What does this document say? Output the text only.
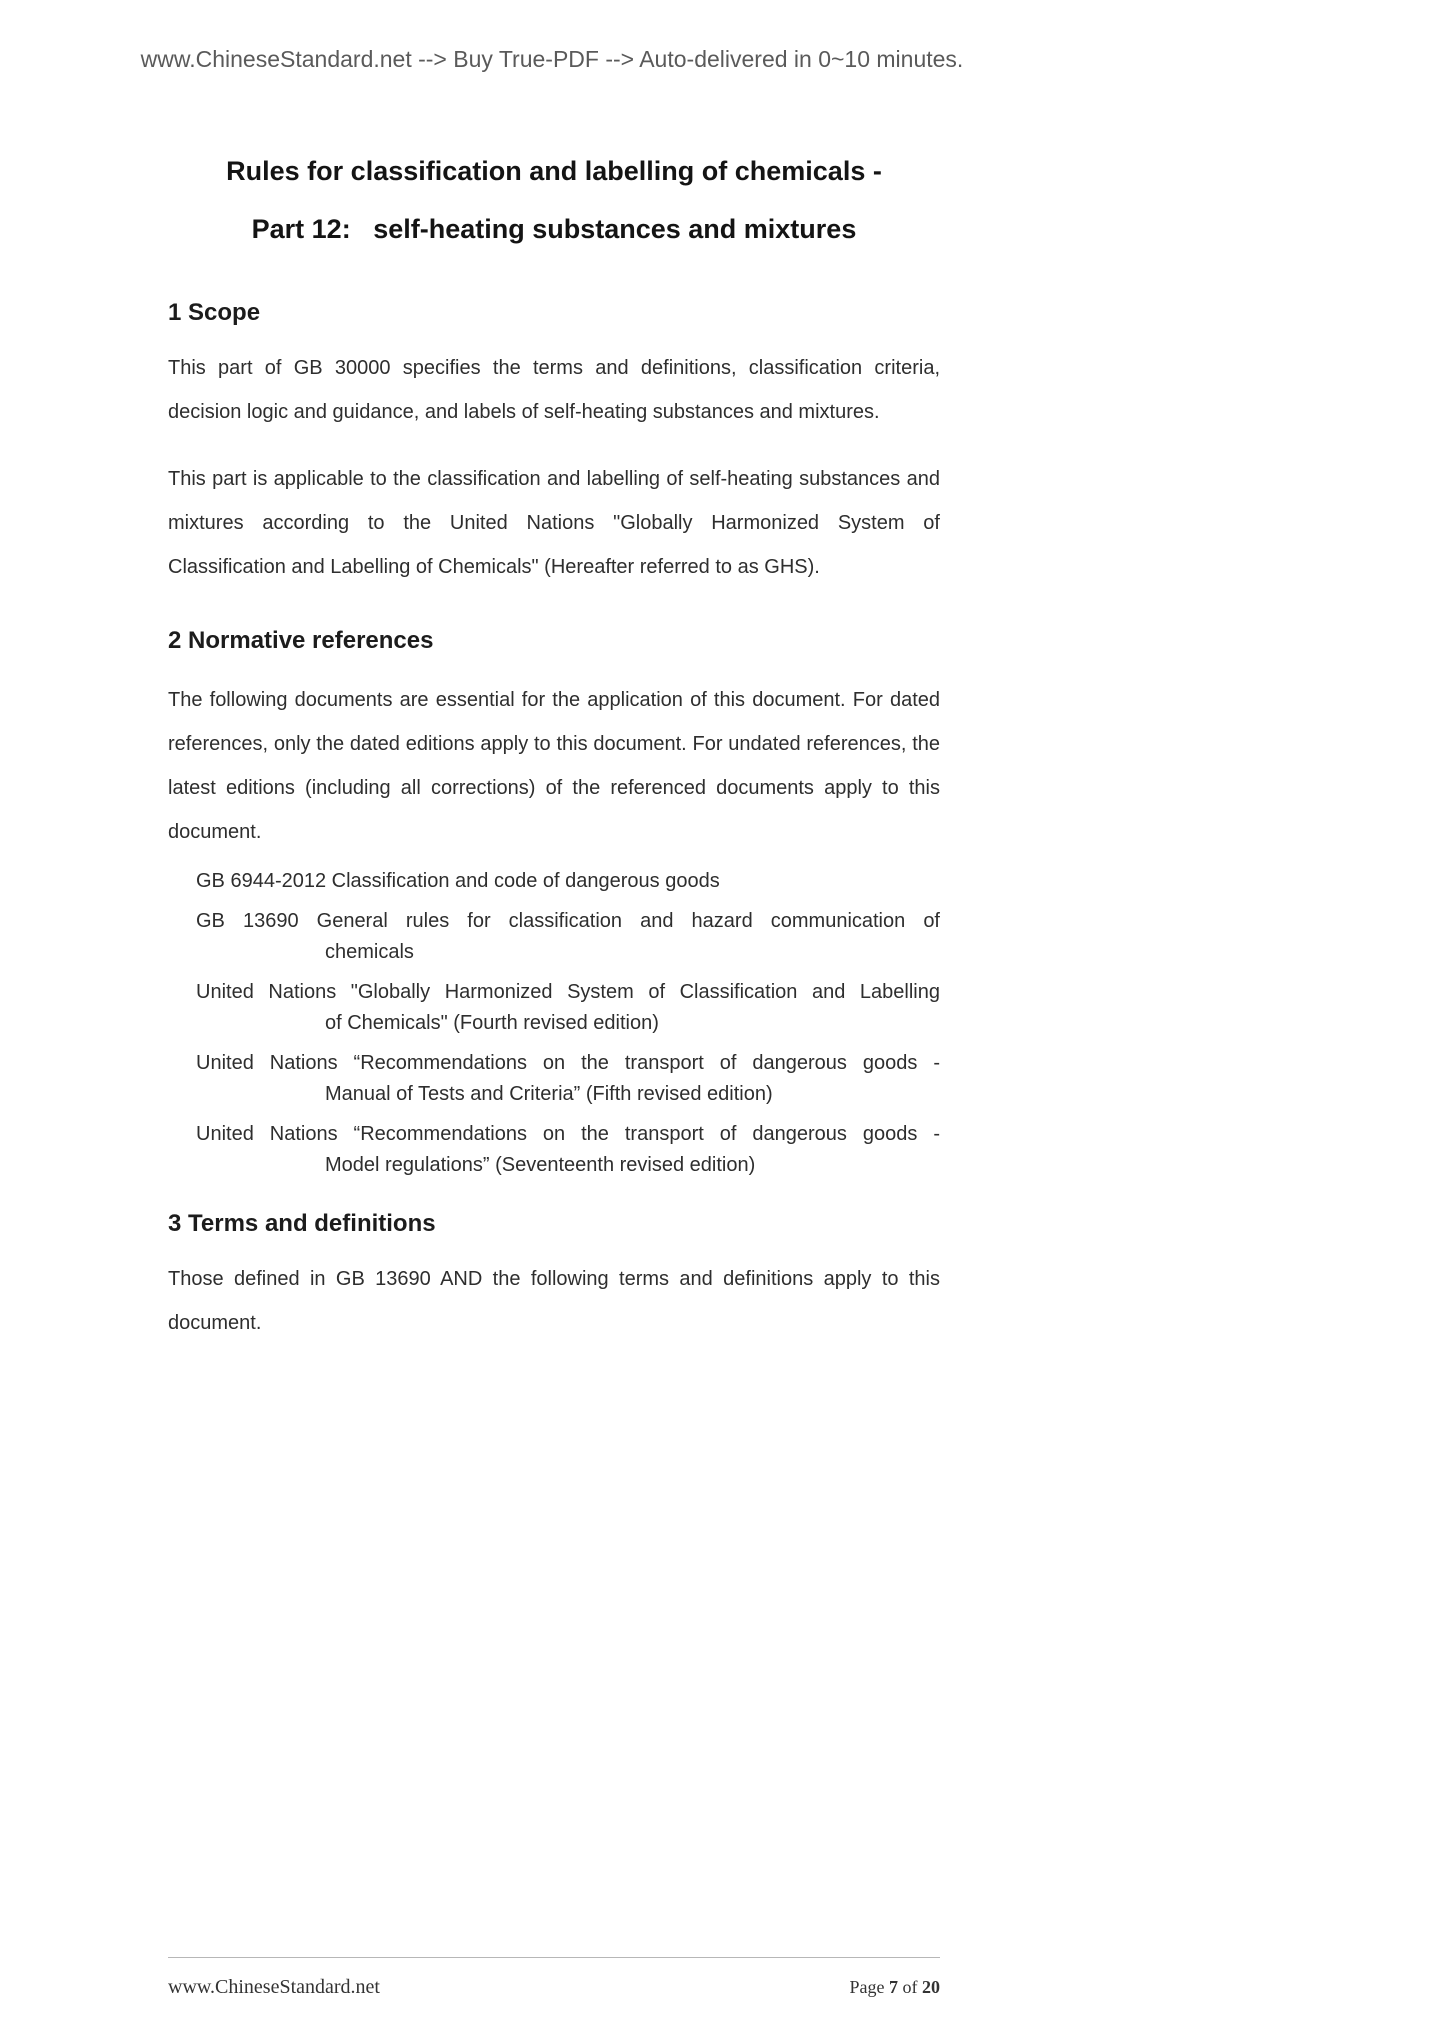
www.ChineseStandard.net --> Buy True-PDF --> Auto-delivered in 0~10 minutes.
Rules for classification and labelling of chemicals -
Part 12:   self-heating substances and mixtures
1 Scope

This part of GB 30000 specifies the terms and definitions, classification criteria, decision logic and guidance, and labels of self-heating substances and mixtures.

This part is applicable to the classification and labelling of self-heating substances and mixtures according to the United Nations "Globally Harmonized System of Classification and Labelling of Chemicals" (Hereafter referred to as GHS).

2 Normative references

The following documents are essential for the application of this document. For dated references, only the dated editions apply to this document. For undated references, the latest editions (including all corrections) of the referenced documents apply to this document.

GB 6944-2012 Classification and code of dangerous goods
GB 13690 General rules for classification and hazard communication of
chemicals
United Nations "Globally Harmonized System of Classification and Labelling
of Chemicals" (Fourth revised edition)
United Nations “Recommendations on the transport of dangerous goods -
Manual of Tests and Criteria” (Fifth revised edition)
United Nations “Recommendations on the transport of dangerous goods -
Model regulations” (Seventeenth revised edition)
3 Terms and definitions

Those defined in GB 13690 AND the following terms and definitions apply to this document.

www.ChineseStandard.net	Page 7 of 20
